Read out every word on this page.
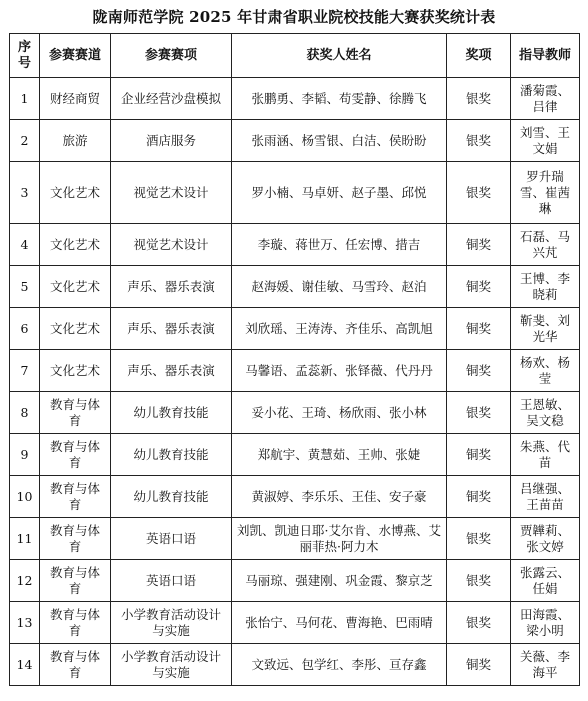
陇南师范学院 2025 年甘肃省职业院校技能大赛获奖统计表
序号	参赛赛道	参赛赛项	获奖人姓名	奖项	指导教师
1	财经商贸	企业经营沙盘模拟	张鹏勇、李韬、苟雯静、徐腾飞	银奖	潘菊霞、吕律
2	旅游	酒店服务	张雨涵、杨雪银、白洁、侯盼盼	银奖	刘雪、王文娟
3	文化艺术	视觉艺术设计	罗小楠、马卓妍、赵子墨、邱悦	银奖	罗升瑞雪、崔茜琳
4	文化艺术	视觉艺术设计	李璇、蒋世万、任宏博、措吉	铜奖	石磊、马兴芃
5	文化艺术	声乐、器乐表演	赵海媛、谢佳敏、马雪玲、赵泊	铜奖	王博、李晓莉
6	文化艺术	声乐、器乐表演	刘欣瑶、王涛涛、齐佳乐、高凯旭	铜奖	靳斐、刘光华
7	文化艺术	声乐、器乐表演	马馨语、孟蕊新、张铎薇、代丹丹	铜奖	杨欢、杨莹
8	教育与体育	幼儿教育技能	妥小花、王琦、杨欣雨、张小林	银奖	王恩敏、吴文稳
9	教育与体育	幼儿教育技能	郑航宇、黄慧茹、王帅、张婕	铜奖	朱燕、代苗
10	教育与体育	幼儿教育技能	黄淑婷、李乐乐、王佳、安子豪	铜奖	吕继强、王苗苗
11	教育与体育	英语口语	刘凯、凯迪日耶·艾尔肯、水博燕、艾丽菲热·阿力木	银奖	贾韡莉、张文婷
12	教育与体育	英语口语	马丽琼、强建刚、巩金霞、黎京芝	银奖	张露云、任娟
13	教育与体育	小学教育活动设计与实施	张怡宁、马何花、曹海艳、巴雨晴	银奖	田海霞、梁小明
14	教育与体育	小学教育活动设计与实施	文致远、包学红、李彤、亘存鑫	铜奖	关薇、李海平
